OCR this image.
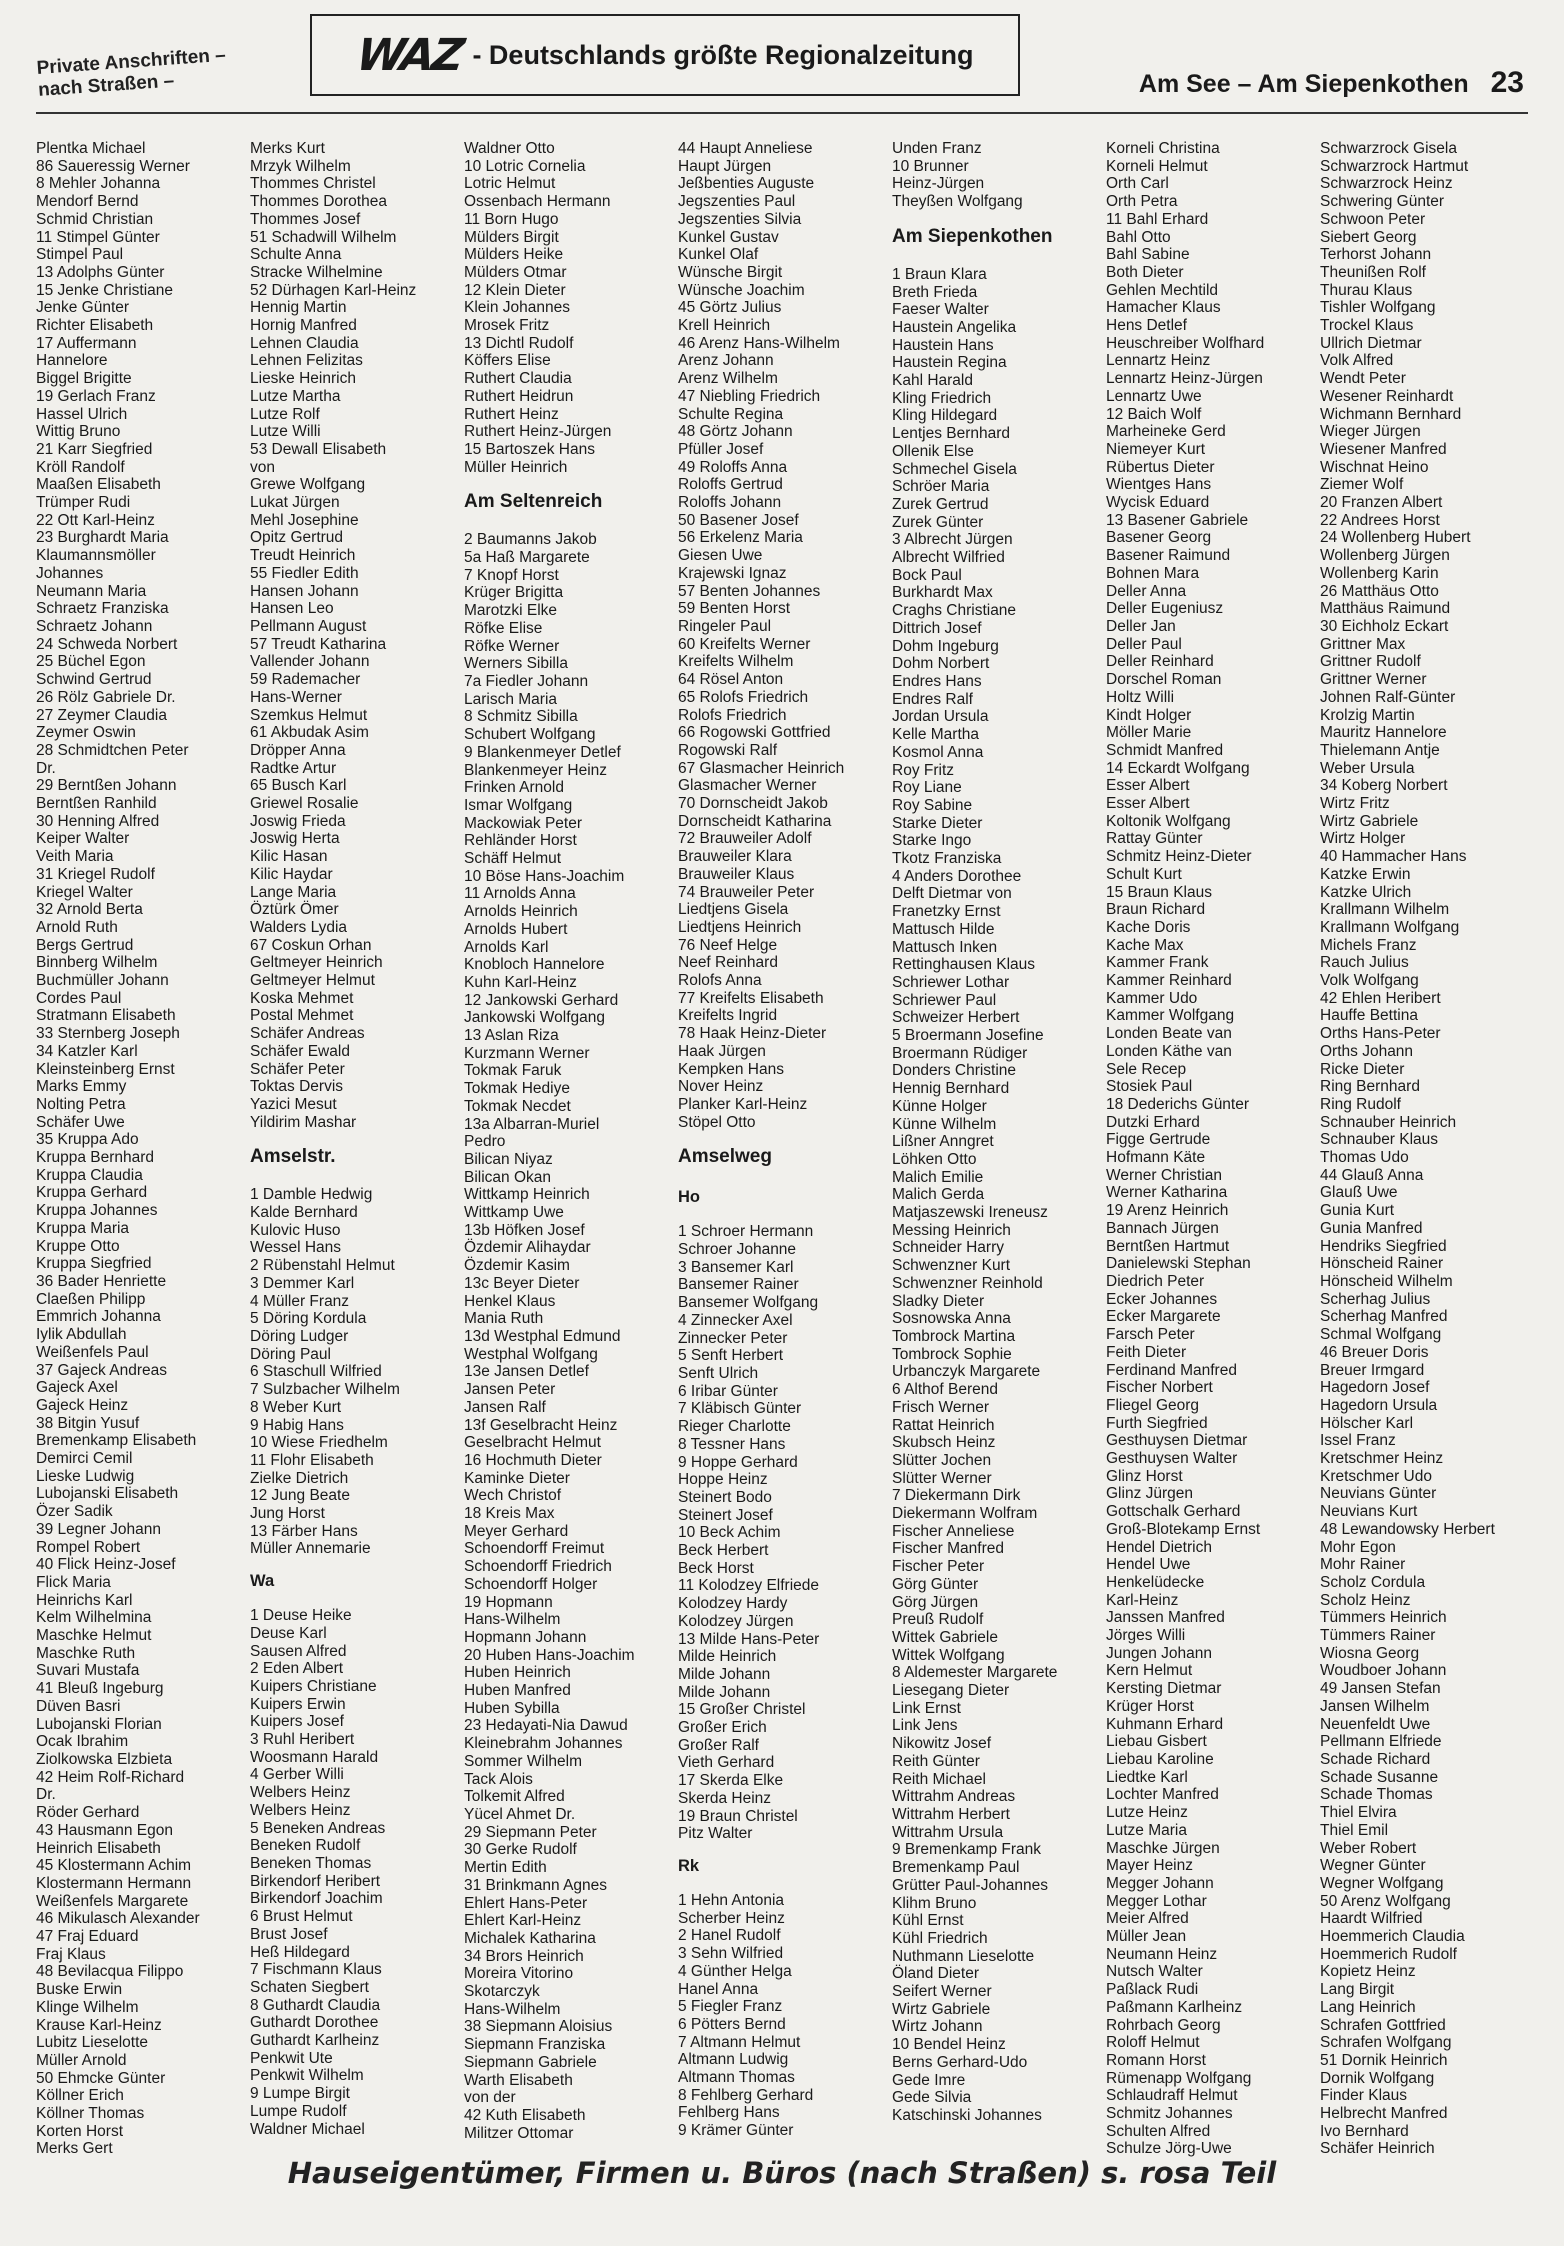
Private Anschriften – nach Straßen –
WAZ - Deutschlands größte Regionalzeitung
Am See – Am Siepenkothen 23
Plentka Michael
86 Saueressig Werner
8 Mehler Johanna
Mendorf Bernd
Schmid Christian
11 Stimpel Günter
Stimpel Paul
13 Adolphs Günter
15 Jenke Christiane
Jenke Günter
Richter Elisabeth
17 Auffermann
Hannelore
Biggel Brigitte
19 Gerlach Franz
Hassel Ulrich
Wittig Bruno
21 Karr Siegfried
Kröll Randolf
Maaßen Elisabeth
Trümper Rudi
22 Ott Karl-Heinz
23 Burghardt Maria
Klaumannsmöller
Johannes
Neumann Maria
Schraetz Franziska
Schraetz Johann
24 Schweda Norbert
25 Büchel Egon
Schwind Gertrud
26 Rölz Gabriele Dr.
27 Zeymer Claudia
Zeymer Oswin
28 Schmidtchen Peter
Dr.
29 Berntßen Johann
Berntßen Ranhild
30 Henning Alfred
Keiper Walter
Veith Maria
31 Kriegel Rudolf
Kriegel Walter
32 Arnold Berta
Arnold Ruth
Bergs Gertrud
Binnberg Wilhelm
Buchmüller Johann
Cordes Paul
Stratmann Elisabeth
33 Sternberg Joseph
34 Katzler Karl
Kleinsteinberg Ernst
Marks Emmy
Nolting Petra
Schäfer Uwe
35 Kruppa Ado
Kruppa Bernhard
Kruppa Claudia
Kruppa Gerhard
Kruppa Johannes
Kruppa Maria
Kruppe Otto
Kruppa Siegfried
36 Bader Henriette
Claeßen Philipp
Emmrich Johanna
Iylik Abdullah
Weißenfels Paul
37 Gajeck Andreas
Gajeck Axel
Gajeck Heinz
38 Bitgin Yusuf
Bremenkamp Elisabeth
Demirci Cemil
Lieske Ludwig
Lubojanski Elisabeth
Özer Sadik
39 Legner Johann
Rompel Robert
40 Flick Heinz-Josef
Flick Maria
Heinrichs Karl
Kelm Wilhelmina
Maschke Helmut
Maschke Ruth
Suvari Mustafa
41 Bleuß Ingeburg
Düven Basri
Lubojanski Florian
Ocak Ibrahim
Ziolkowska Elzbieta
42 Heim Rolf-Richard
Dr.
Röder Gerhard
43 Hausmann Egon
Heinrich Elisabeth
45 Klostermann Achim
Klostermann Hermann
Weißenfels Margarete
46 Mikulasch Alexander
47 Fraj Eduard
Fraj Klaus
48 Bevilacqua Filippo
Buske Erwin
Klinge Wilhelm
Krause Karl-Heinz
Lubitz Lieselotte
Müller Arnold
50 Ehmcke Günter
Köllner Erich
Köllner Thomas
Korten Horst
Merks Gert
Merks Kurt
Mrzyk Wilhelm
Thommes Christel
Thommes Dorothea
Thommes Josef
51 Schadwill Wilhelm
Schulte Anna
Stracke Wilhelmine
52 Dürhagen Karl-Heinz
Hennig Martin
Hornig Manfred
Lehnen Claudia
Lehnen Felizitas
Lieske Heinrich
Lutze Martha
Lutze Rolf
Lutze Willi
53 Dewall Elisabeth
von
Grewe Wolfgang
Lukat Jürgen
Mehl Josephine
Opitz Gertrud
Treudt Heinrich
55 Fiedler Edith
Hansen Johann
Hansen Leo
Pellmann August
57 Treudt Katharina
Vallender Johann
59 Rademacher
Hans-Werner
Szemkus Helmut
61 Akbudak Asim
Dröpper Anna
Radtke Artur
65 Busch Karl
Griewel Rosalie
Joswig Frieda
Joswig Herta
Kilic Hasan
Kilic Haydar
Lange Maria
Öztürk Ömer
Walders Lydia
67 Coskun Orhan
Geltmeyer Heinrich
Geltmeyer Helmut
Koska Mehmet
Postal Mehmet
Schäfer Andreas
Schäfer Ewald
Schäfer Peter
Toktas Dervis
Yazici Mesut
Yildirim Mashar
Amselstr.
1 Damble Hedwig
Kalde Bernhard
Kulovic Huso
Wessel Hans
2 Rübenstahl Helmut
3 Demmer Karl
4 Müller Franz
5 Döring Kordula
Döring Ludger
Döring Paul
6 Staschull Wilfried
7 Sulzbacher Wilhelm
8 Weber Kurt
9 Habig Hans
10 Wiese Friedhelm
11 Flohr Elisabeth
Zielke Dietrich
12 Jung Beate
Jung Horst
13 Färber Hans
Müller Annemarie
Wa
1 Deuse Heike
Deuse Karl
Sausen Alfred
2 Eden Albert
Kuipers Christiane
Kuipers Erwin
Kuipers Josef
3 Ruhl Heribert
Woosmann Harald
4 Gerber Willi
Welbers Heinz
Welbers Heinz
5 Beneken Andreas
Beneken Rudolf
Beneken Thomas
Birkendorf Heribert
Birkendorf Joachim
6 Brust Helmut
Brust Josef
Heß Hildegard
7 Fischmann Klaus
Schaten Siegbert
8 Guthardt Claudia
Guthardt Dorothee
Guthardt Karlheinz
Penkwit Ute
Penkwit Wilhelm
9 Lumpe Birgit
Lumpe Rudolf
Waldner Michael
Waldner Otto
10 Lotric Cornelia
Lotric Helmut
Ossenbach Hermann
11 Born Hugo
Mülders Birgit
Mülders Heike
Mülders Otmar
12 Klein Dieter
Klein Johannes
Mrosek Fritz
13 Dichtl Rudolf
Köffers Elise
Ruthert Claudia
Ruthert Heidrun
Ruthert Heinz
Ruthert Heinz-Jürgen
15 Bartoszek Hans
Müller Heinrich
Am Seltenreich
2 Baumanns Jakob
5a Haß Margarete
7 Knopf Horst
Krüger Brigitta
Marotzki Elke
Röfke Elise
Röfke Werner
Werners Sibilla
7a Fiedler Johann
Larisch Maria
8 Schmitz Sibilla
Schubert Wolfgang
9 Blankenmeyer Detlef
Blankenmeyer Heinz
Frinken Arnold
Ismar Wolfgang
Mackowiak Peter
Rehländer Horst
Schäff Helmut
10 Böse Hans-Joachim
11 Arnolds Anna
Arnolds Heinrich
Arnolds Hubert
Arnolds Karl
Knobloch Hannelore
Kuhn Karl-Heinz
12 Jankowski Gerhard
Jankowski Wolfgang
13 Aslan Riza
Kurzmann Werner
Tokmak Faruk
Tokmak Hediye
Tokmak Necdet
13a Albarran-Muriel
Pedro
Bilican Niyaz
Bilican Okan
Wittkamp Heinrich
Wittkamp Uwe
13b Höfken Josef
Özdemir Alihaydar
Özdemir Kasim
13c Beyer Dieter
Henkel Klaus
Mania Ruth
13d Westphal Edmund
Westphal Wolfgang
13e Jansen Detlef
Jansen Peter
Jansen Ralf
13f Geselbracht Heinz
Geselbracht Helmut
16 Hochmuth Dieter
Kaminke Dieter
Wech Christof
18 Kreis Max
Meyer Gerhard
Schoendorff Freimut
Schoendorff Friedrich
Schoendorff Holger
19 Hopmann
Hans-Wilhelm
Hopmann Johann
20 Huben Hans-Joachim
Huben Heinrich
Huben Manfred
Huben Sybilla
23 Hedayati-Nia Dawud
Kleinebrahm Johannes
Sommer Wilhelm
Tack Alois
Tolkemit Alfred
Yücel Ahmet Dr.
29 Siepmann Peter
30 Gerke Rudolf
Mertin Edith
31 Brinkmann Agnes
Ehlert Hans-Peter
Ehlert Karl-Heinz
Michalek Katharina
34 Brors Heinrich
Moreira Vitorino
Skotarczyk
Hans-Wilhelm
38 Siepmann Aloisius
Siepmann Franziska
Siepmann Gabriele
Warth Elisabeth
von der
42 Kuth Elisabeth
Militzer Ottomar
44 Haupt Anneliese
Haupt Jürgen
Jeßbenties Auguste
Jegszenties Paul
Jegszenties Silvia
Kunkel Gustav
Kunkel Olaf
Wünsche Birgit
Wünsche Joachim
45 Görtz Julius
Krell Heinrich
46 Arenz Hans-Wilhelm
Arenz Johann
Arenz Wilhelm
47 Niebling Friedrich
Schulte Regina
48 Görtz Johann
Pfüller Josef
49 Roloffs Anna
Roloffs Gertrud
Roloffs Johann
50 Basener Josef
56 Erkelenz Maria
Giesen Uwe
Krajewski Ignaz
57 Benten Johannes
59 Benten Horst
Ringeler Paul
60 Kreifelts Werner
Kreifelts Wilhelm
64 Rösel Anton
65 Rolofs Friedrich
Rolofs Friedrich
66 Rogowski Gottfried
Rogowski Ralf
67 Glasmacher Heinrich
Glasmacher Werner
70 Dornscheidt Jakob
Dornscheidt Katharina
72 Brauweiler Adolf
Brauweiler Klara
Brauweiler Klaus
74 Brauweiler Peter
Liedtjens Gisela
Liedtjens Heinrich
76 Neef Helge
Neef Reinhard
Rolofs Anna
77 Kreifelts Elisabeth
Kreifelts Ingrid
78 Haak Heinz-Dieter
Haak Jürgen
Kempken Hans
Nover Heinz
Planker Karl-Heinz
Stöpel Otto
Amselweg
Ho
1 Schroer Hermann
Schroer Johanne
3 Bansemer Karl
Bansemer Rainer
Bansemer Wolfgang
4 Zinnecker Axel
Zinnecker Peter
5 Senft Herbert
Senft Ulrich
6 Iribar Günter
7 Kläbisch Günter
Rieger Charlotte
8 Tessner Hans
9 Hoppe Gerhard
Hoppe Heinz
Steinert Bodo
Steinert Josef
10 Beck Achim
Beck Herbert
Beck Horst
11 Kolodzey Elfriede
Kolodzey Hardy
Kolodzey Jürgen
13 Milde Hans-Peter
Milde Heinrich
Milde Johann
Milde Johann
15 Großer Christel
Großer Erich
Großer Ralf
Vieth Gerhard
17 Skerda Elke
Skerda Heinz
19 Braun Christel
Pitz Walter
Rk
1 Hehn Antonia
Scherber Heinz
2 Hanel Rudolf
3 Sehn Wilfried
4 Günther Helga
Hanel Anna
5 Fiegler Franz
6 Pötters Bernd
7 Altmann Helmut
Altmann Ludwig
Altmann Thomas
8 Fehlberg Gerhard
Fehlberg Hans
9 Krämer Günter
Unden Franz
10 Brunner
Heinz-Jürgen
Theyßen Wolfgang
Am Siepenkothen
1 Braun Klara
Breth Frieda
Faeser Walter
Haustein Angelika
Haustein Hans
Haustein Regina
Kahl Harald
Kling Friedrich
Kling Hildegard
Lentjes Bernhard
Ollenik Else
Schmechel Gisela
Schröer Maria
Zurek Gertrud
Zurek Günter
3 Albrecht Jürgen
Albrecht Wilfried
Bock Paul
Burkhardt Max
Craghs Christiane
Dittrich Josef
Dohm Ingeburg
Dohm Norbert
Endres Hans
Endres Ralf
Jordan Ursula
Kelle Martha
Kosmol Anna
Roy Fritz
Roy Liane
Roy Sabine
Starke Dieter
Starke Ingo
Tkotz Franziska
4 Anders Dorothee
Delft Dietmar von
Franetzky Ernst
Mattusch Hilde
Mattusch Inken
Rettinghausen Klaus
Schriewer Lothar
Schriewer Paul
Schweizer Herbert
5 Broermann Josefine
Broermann Rüdiger
Donders Christine
Hennig Bernhard
Künne Holger
Künne Wilhelm
Lißner Anngret
Löhken Otto
Malich Emilie
Malich Gerda
Matjaszewski Ireneusz
Messing Heinrich
Schneider Harry
Schwenzner Kurt
Schwenzner Reinhold
Sladky Dieter
Sosnowska Anna
Tombrock Martina
Tombrock Sophie
Urbanczyk Margarete
6 Althof Berend
Frisch Werner
Rattat Heinrich
Skubsch Heinz
Slütter Jochen
Slütter Werner
7 Diekermann Dirk
Diekermann Wolfram
Fischer Anneliese
Fischer Manfred
Fischer Peter
Görg Günter
Görg Jürgen
Preuß Rudolf
Wittek Gabriele
Wittek Wolfgang
8 Aldemester Margarete
Liesegang Dieter
Link Ernst
Link Jens
Nikowitz Josef
Reith Günter
Reith Michael
Wittrahm Andreas
Wittrahm Herbert
Wittrahm Ursula
9 Bremenkamp Frank
Bremenkamp Paul
Grütter Paul-Johannes
Klihm Bruno
Kühl Ernst
Kühl Friedrich
Nuthmann Lieselotte
Öland Dieter
Seifert Werner
Wirtz Gabriele
Wirtz Johann
10 Bendel Heinz
Berns Gerhard-Udo
Gede Imre
Gede Silvia
Katschinski Johannes
Korneli Christina
Korneli Helmut
Orth Carl
Orth Petra
11 Bahl Erhard
Bahl Otto
Bahl Sabine
Both Dieter
Gehlen Mechtild
Hamacher Klaus
Hens Detlef
Heuschreiber Wolfhard
Lennartz Heinz
Lennartz Heinz-Jürgen
Lennartz Uwe
12 Baich Wolf
Marheineke Gerd
Niemeyer Kurt
Rübertus Dieter
Wientges Hans
Wycisk Eduard
13 Basener Gabriele
Basener Georg
Basener Raimund
Bohnen Mara
Deller Anna
Deller Eugeniusz
Deller Jan
Deller Paul
Deller Reinhard
Dorschel Roman
Holtz Willi
Kindt Holger
Möller Marie
Schmidt Manfred
14 Eckardt Wolfgang
Esser Albert
Esser Albert
Koltonik Wolfgang
Rattay Günter
Schmitz Heinz-Dieter
Schult Kurt
15 Braun Klaus
Braun Richard
Kache Doris
Kache Max
Kammer Frank
Kammer Reinhard
Kammer Udo
Kammer Wolfgang
Londen Beate van
Londen Käthe van
Sele Recep
Stosiek Paul
18 Dederichs Günter
Dutzki Erhard
Figge Gertrude
Hofmann Käte
Werner Christian
Werner Katharina
19 Arenz Heinrich
Bannach Jürgen
Berntßen Hartmut
Danielewski Stephan
Diedrich Peter
Ecker Johannes
Ecker Margarete
Farsch Peter
Feith Dieter
Ferdinand Manfred
Fischer Norbert
Fliegel Georg
Furth Siegfried
Gesthuysen Dietmar
Gesthuysen Walter
Glinz Horst
Glinz Jürgen
Gottschalk Gerhard
Groß-Blotekamp Ernst
Hendel Dietrich
Hendel Uwe
Henkelüdecke
Karl-Heinz
Janssen Manfred
Jörges Willi
Jungen Johann
Kern Helmut
Kersting Dietmar
Krüger Horst
Kuhmann Erhard
Liebau Gisbert
Liebau Karoline
Liedtke Karl
Lochter Manfred
Lutze Heinz
Lutze Maria
Maschke Jürgen
Mayer Heinz
Megger Johann
Megger Lothar
Meier Alfred
Müller Jean
Neumann Heinz
Nutsch Walter
Paßlack Rudi
Paßmann Karlheinz
Rohrbach Georg
Roloff Helmut
Romann Horst
Rümenapp Wolfgang
Schlaudraff Helmut
Schmitz Johannes
Schulten Alfred
Schulze Jörg-Uwe
Schwarzrock Gisela
Schwarzrock Hartmut
Schwarzrock Heinz
Schwering Günter
Schwoon Peter
Siebert Georg
Terhorst Johann
Theunißen Rolf
Thurau Klaus
Tishler Wolfgang
Trockel Klaus
Ullrich Dietmar
Volk Alfred
Wendt Peter
Wesener Reinhardt
Wichmann Bernhard
Wieger Jürgen
Wiesener Manfred
Wischnat Heino
Ziemer Wolf
20 Franzen Albert
22 Andrees Horst
24 Wollenberg Hubert
Wollenberg Jürgen
Wollenberg Karin
26 Matthäus Otto
Matthäus Raimund
30 Eichholz Eckart
Grittner Max
Grittner Rudolf
Grittner Werner
Johnen Ralf-Günter
Krolzig Martin
Mauritz Hannelore
Thielemann Antje
Weber Ursula
34 Koberg Norbert
Wirtz Fritz
Wirtz Gabriele
Wirtz Holger
40 Hammacher Hans
Katzke Erwin
Katzke Ulrich
Krallmann Wilhelm
Krallmann Wolfgang
Michels Franz
Rauch Julius
Volk Wolfgang
42 Ehlen Heribert
Hauffe Bettina
Orths Hans-Peter
Orths Johann
Ricke Dieter
Ring Bernhard
Ring Rudolf
Schnauber Heinrich
Schnauber Klaus
Thomas Udo
44 Glauß Anna
Glauß Uwe
Gunia Kurt
Gunia Manfred
Hendriks Siegfried
Hönscheid Rainer
Hönscheid Wilhelm
Scherhag Julius
Scherhag Manfred
Schmal Wolfgang
46 Breuer Doris
Breuer Irmgard
Hagedorn Josef
Hagedorn Ursula
Hölscher Karl
Issel Franz
Kretschmer Heinz
Kretschmer Udo
Neuvians Günter
Neuvians Kurt
48 Lewandowsky Herbert
Mohr Egon
Mohr Rainer
Scholz Cordula
Scholz Heinz
Tümmers Heinrich
Tümmers Rainer
Wiosna Georg
Woudboer Johann
49 Jansen Stefan
Jansen Wilhelm
Neuenfeldt Uwe
Pellmann Elfriede
Schade Richard
Schade Susanne
Schade Thomas
Thiel Elvira
Thiel Emil
Weber Robert
Wegner Günter
Wegner Wolfgang
50 Arenz Wolfgang
Haardt Wilfried
Hoemmerich Claudia
Hoemmerich Rudolf
Kopietz Heinz
Lang Birgit
Lang Heinrich
Schrafen Gottfried
Schrafen Wolfgang
51 Dornik Heinrich
Dornik Wolfgang
Finder Klaus
Helbrecht Manfred
Ivo Bernhard
Schäfer Heinrich
Hauseigentümer, Firmen u. Büros (nach Straßen) s. rosa Teil
